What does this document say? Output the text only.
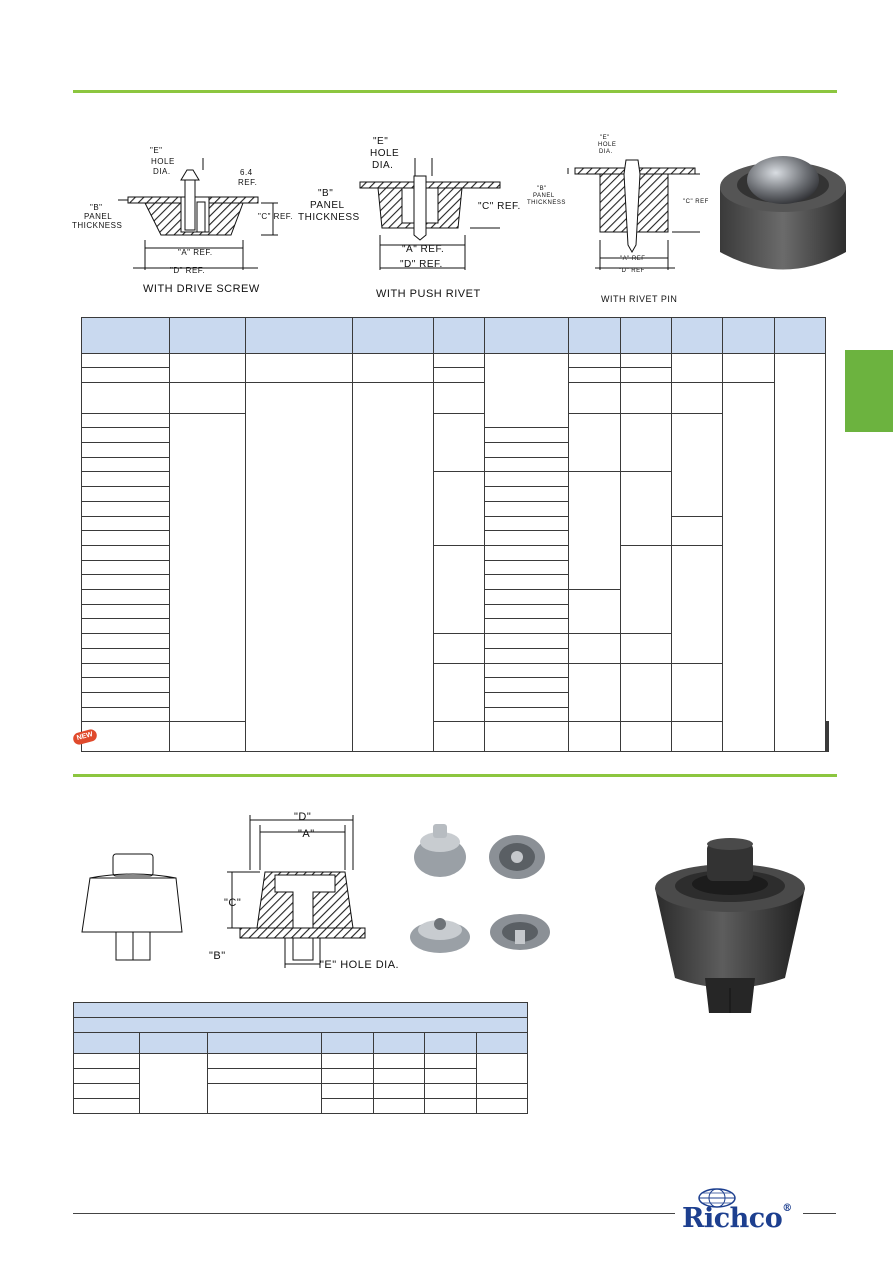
"E"
HOLE
DIA.	6.4
REF.
"B"
PANEL
THICKNESS
"C" REF.
"A" REF.
"D" REF.
WITH DRIVE SCREW
"E"
HOLE
DIA.
"B"
PANEL
THICKNESS
"C" REF.
"A" REF.
"D" REF.
WITH PUSH RIVET
"E"
HOLE
DIA.
"B"
PANEL
THICKNESS	"C" REF
"A" REF
"D" REF
WITH RIVET PIN

NEW
"D"
"A"
"C"
"B"
"E" HOLE DIA.

Richco®
